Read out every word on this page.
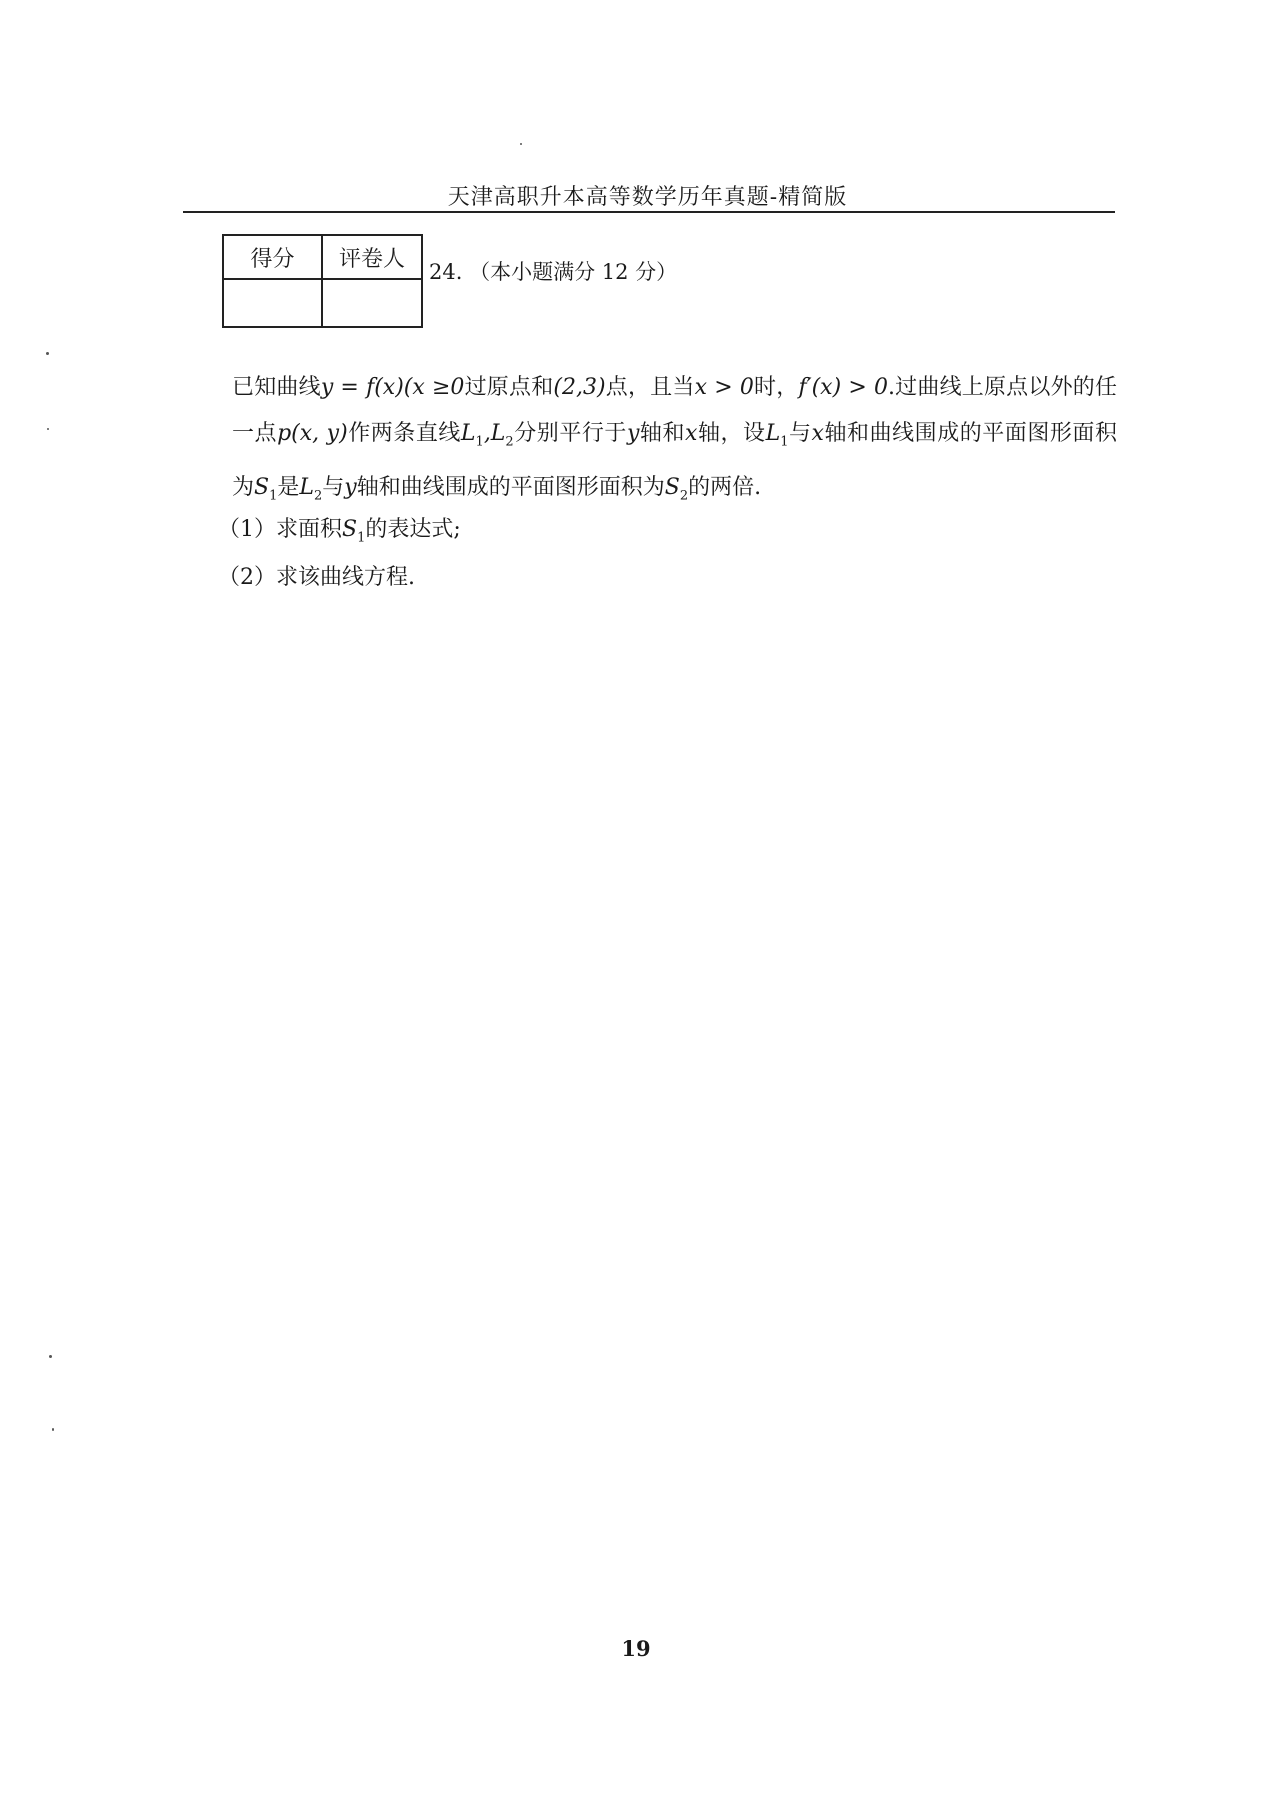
天津高职升本高等数学历年真题-精简版
得分	评卷人

24. （本小题满分 12 分）
已知曲线y = f(x)(x ≥0过原点和(2,3)点，且当x > 0时，f′(x) > 0.过曲线上原点以外的任一点p(x, y)作两条直线$L_1,L_2$分别平行于y轴和x轴，设$L_1$与x轴和曲线围成的平面图形面积为$S_1$是$L_2$与y轴和曲线围成的平面图形面积为$S_2$的两倍.
（1）求面积$S_1$的表达式;
（2）求该曲线方程.
19
